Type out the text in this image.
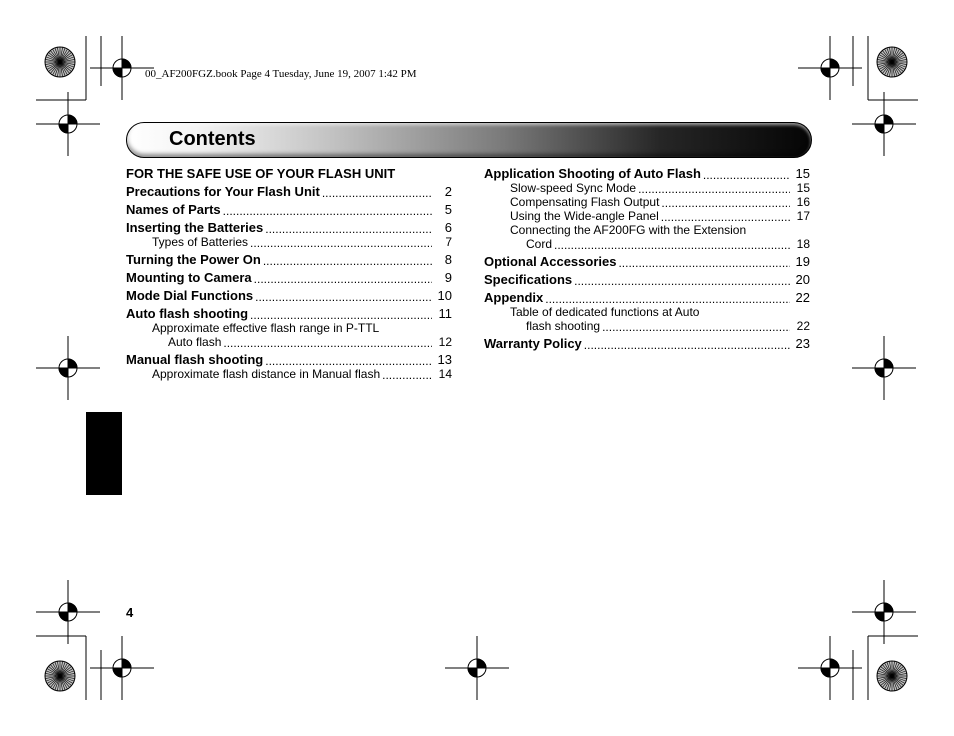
00_AF200FGZ.book Page 4 Tuesday, June 19, 2007 1:42 PM
Contents
FOR THE SAFE USE OF YOUR FLASH UNIT
Precautions for Your Flash Unit .....	2
Names of Parts .....	5
Inserting the Batteries .....	6
Types of Batteries .....	7
Turning the Power On .....	8
Mounting to Camera .....	9
Mode Dial Functions .....	10
Auto flash shooting .....	11
Approximate effective flash range in P-TTL
Auto flash .....	12
Manual flash shooting .....	13
Approximate flash distance in Manual flash .....	14
Application Shooting of Auto Flash .....	15
Slow-speed Sync Mode .....	15
Compensating Flash Output .....	16
Using the Wide-angle Panel .....	17
Connecting the AF200FG with the Extension
Cord .....	18
Optional Accessories .....	19
Specifications .....	20
Appendix .....	22
Table of dedicated functions at Auto
flash shooting .....	22
Warranty Policy .....	23
4
